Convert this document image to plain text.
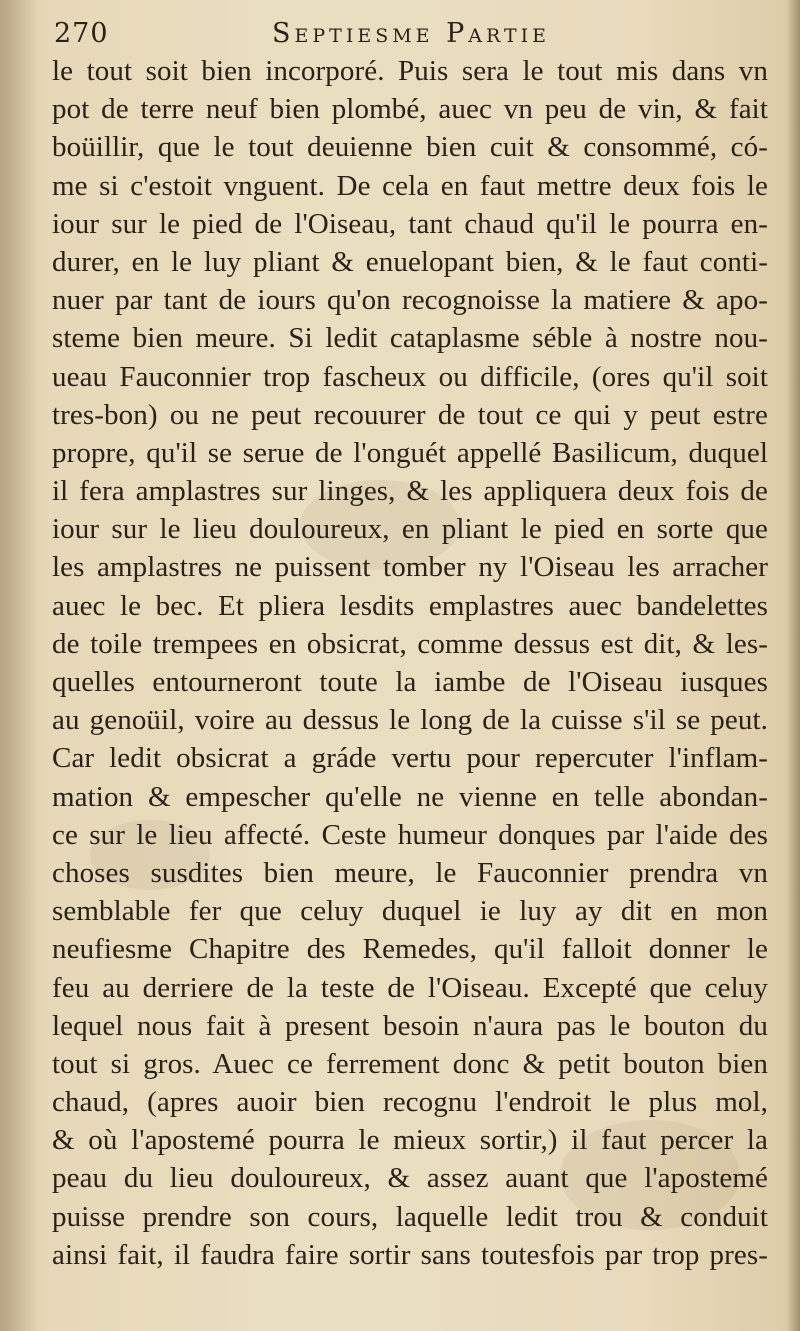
270	Septiesme Partie
le tout soit bien incorporé. Puis sera le tout mis dans vn
pot de terre neuf bien plombé, auec vn peu de vin, & fait
boüillir, que le tout deuienne bien cuit & consommé, có-
me si c'estoit vnguent. De cela en faut mettre deux fois le
iour sur le pied de l'Oiseau, tant chaud qu'il le pourra en-
durer, en le luy pliant & enuelopant bien, & le faut conti-
nuer par tant de iours qu'on recognoisse la matiere & apo-
steme bien meure. Si ledit cataplasme séble à nostre nou-
ueau Fauconnier trop fascheux ou difficile, (ores qu'il soit
tres-bon) ou ne peut recouurer de tout ce qui y peut estre
propre, qu'il se serue de l'onguét appellé Basilicum, duquel
il fera amplastres sur linges, & les appliquera deux fois de
iour sur le lieu douloureux, en pliant le pied en sorte que
les amplastres ne puissent tomber ny l'Oiseau les arracher
auec le bec. Et pliera lesdits emplastres auec bandelettes
de toile trempees en obsicrat, comme dessus est dit, & les-
quelles entourneront toute la iambe de l'Oiseau iusques
au genoüil, voire au dessus le long de la cuisse s'il se peut.
Car ledit obsicrat a gráde vertu pour repercuter l'inflam-
mation & empescher qu'elle ne vienne en telle abondan-
ce sur le lieu affecté. Ceste humeur donques par l'aide des
choses susdites bien meure, le Fauconnier prendra vn
semblable fer que celuy duquel ie luy ay dit en mon
neufiesme Chapitre des Remedes, qu'il falloit donner le
feu au derriere de la teste de l'Oiseau. Excepté que celuy
lequel nous fait à present besoin n'aura pas le bouton du
tout si gros. Auec ce ferrement donc & petit bouton bien
chaud, (apres auoir bien recognu l'endroit le plus mol,
& où l'apostemé pourra le mieux sortir,) il faut percer la
peau du lieu douloureux, & assez auant que l'apostemé
puisse prendre son cours, laquelle ledit trou & conduit
ainsi fait, il faudra faire sortir sans toutesfois par trop pres-
